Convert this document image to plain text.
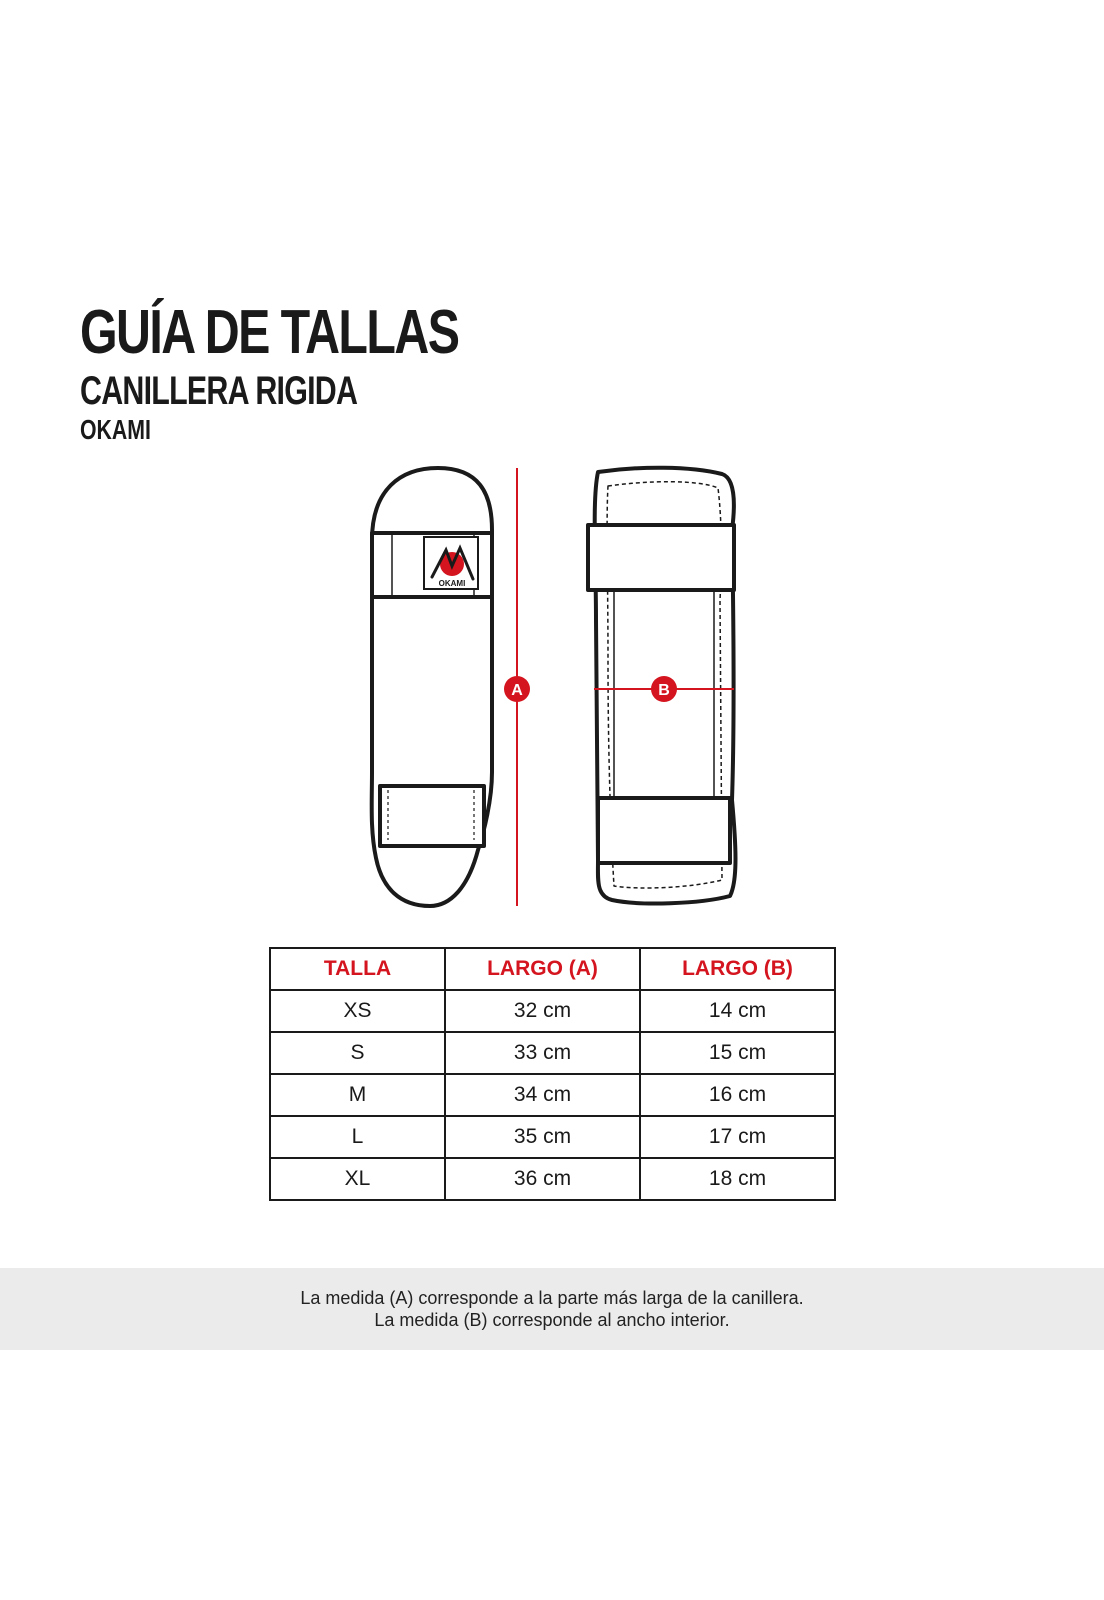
GUÍA DE TALLAS
CANILLERA RIGIDA
OKAMI
OKAMI
A	B
TALLA	LARGO (A)	LARGO (B)
XS	32 cm	14 cm
S	33 cm	15 cm
M	34 cm	16 cm
L	35 cm	17 cm
XL	36 cm	18 cm
La medida (A) corresponde a la parte más larga de la canillera.
La medida (B) corresponde al ancho interior.
